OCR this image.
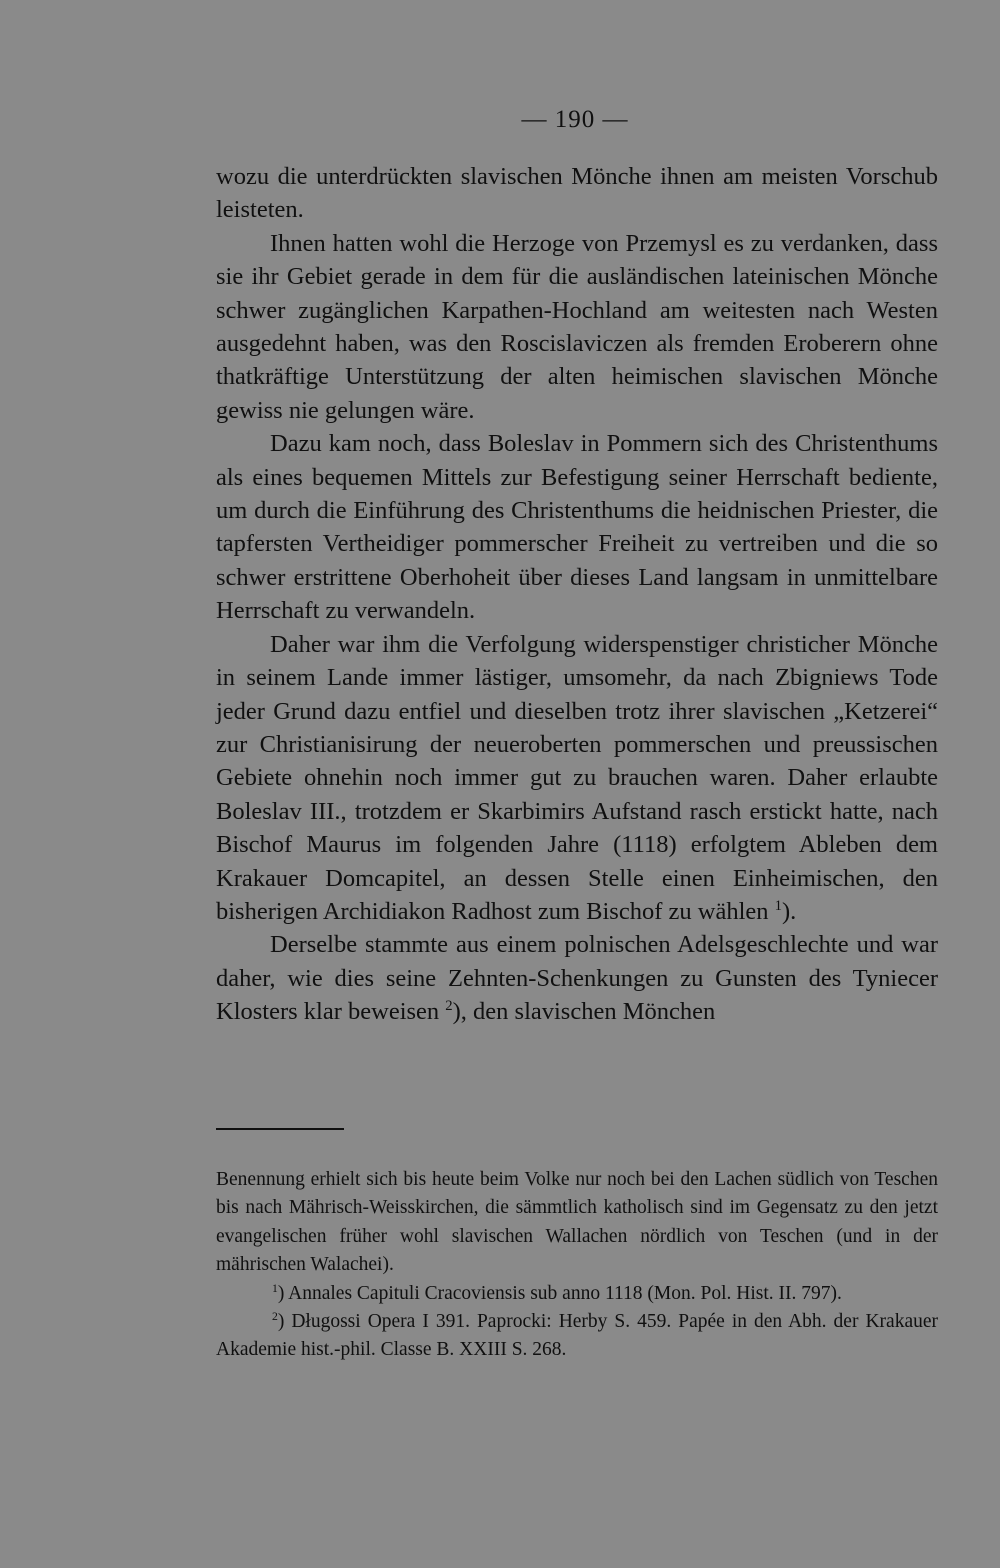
— 190 —

wozu die unterdrückten slavischen Mönche ihnen am meisten Vorschub leisteten.

Ihnen hatten wohl die Herzoge von Przemysl es zu verdanken, dass sie ihr Gebiet gerade in dem für die ausländischen lateinischen Mönche schwer zugänglichen Karpathen-Hochland am weitesten nach Westen ausgedehnt haben, was den Roscislaviczen als fremden Eroberern ohne thatkräftige Unterstützung der alten heimischen slavischen Mönche gewiss nie gelungen wäre.

Dazu kam noch, dass Boleslav in Pommern sich des Christenthums als eines bequemen Mittels zur Befestigung seiner Herrschaft bediente, um durch die Einführung des Christenthums die heidnischen Priester, die tapfersten Vertheidiger pommerscher Freiheit zu vertreiben und die so schwer erstrittene Oberhoheit über dieses Land langsam in unmittelbare Herrschaft zu verwandeln.

Daher war ihm die Verfolgung widerspenstiger christicher Mönche in seinem Lande immer lästiger, umsomehr, da nach Zbigniews Tode jeder Grund dazu entfiel und dieselben trotz ihrer slavischen „Ketzerei“ zur Christianisirung der neueroberten pommerschen und preussischen Gebiete ohnehin noch immer gut zu brauchen waren. Daher erlaubte Boleslav III., trotzdem er Skarbimirs Aufstand rasch erstickt hatte, nach Bischof Maurus im folgenden Jahre (1118) erfolgtem Ableben dem Krakauer Domcapitel, an dessen Stelle einen Einheimischen, den bisherigen Archidiakon Radhost zum Bischof zu wählen $^1$).

Derselbe stammte aus einem polnischen Adelsgeschlechte und war daher, wie dies seine Zehnten-Schenkungen zu Gunsten des Tyniecer Klosters klar beweisen $^2$), den slavischen Mönchen

Benennung erhielt sich bis heute beim Volke nur noch bei den Lachen südlich von Teschen bis nach Mährisch-Weisskirchen, die sämmtlich katholisch sind im Gegensatz zu den jetzt evangelischen früher wohl slavischen Wallachen nördlich von Teschen (und in der mährischen Walachei).

$^1$) Annales Capituli Cracoviensis sub anno 1118 (Mon. Pol. Hist. II. 797).

$^2$) Długossi Opera I 391. Paprocki: Herby S. 459. Papée in den Abh. der Krakauer Akademie hist.-phil. Classe B. XXIII S. 268.
